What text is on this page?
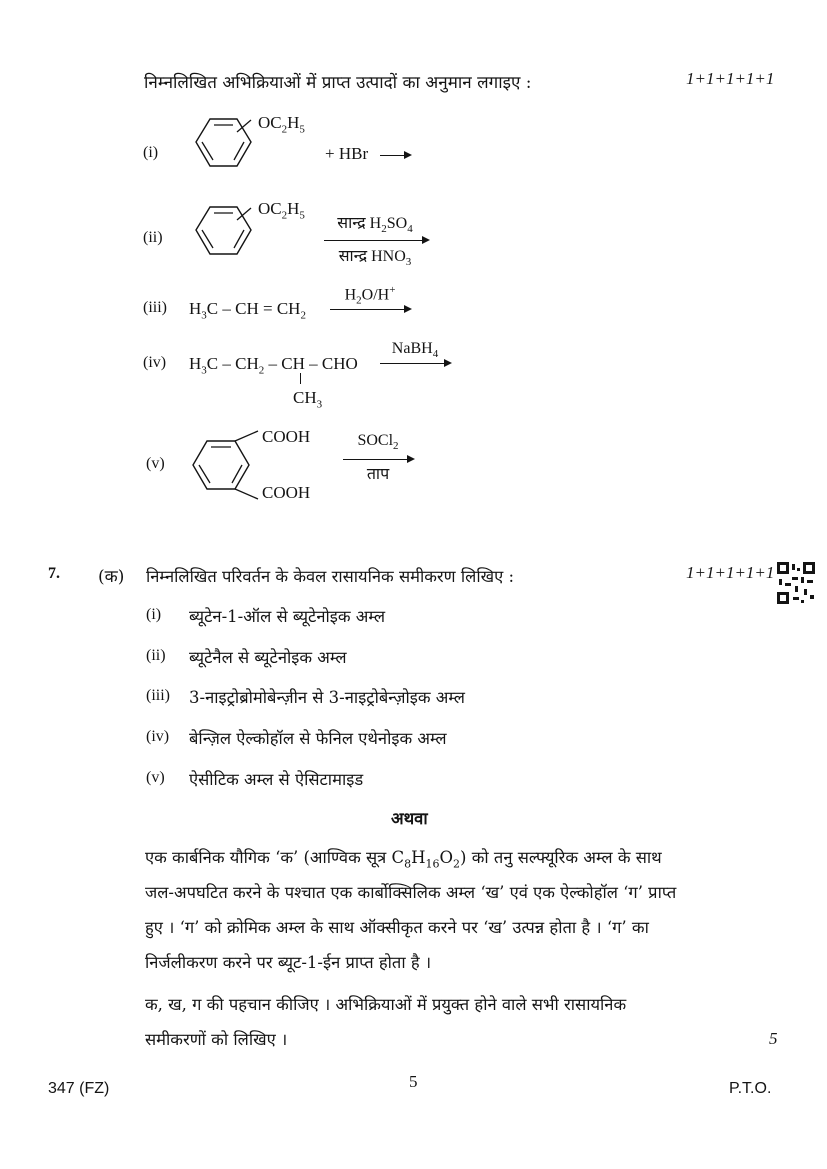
निम्नलिखित अभिक्रियाओं में प्राप्त उत्पादों का अनुमान लगाइए :	1+1+1+1+1
(i)
$OC_2H_5$
+ HBr
(ii)
$OC_2H_5$	सान्द्र $H_2SO_4$
सान्द्र $HNO_3$
(iii) $H_3C$ – CH = $CH_2$
$H_2O/H^+$
(iv) $H_3C - CH_2$ – CH – CHO
$CH_3$
NaBH$_4$
(v)
COOH
COOH
SOCl$_2$
ताप
7. (क) निम्नलिखित परिवर्तन के केवल रासायनिक समीकरण लिखिए :	1+1+1+1+1
(i) ब्यूटेन-1-ऑल से ब्यूटेनोइक अम्ल
(ii) ब्यूटेनैल से ब्यूटेनोइक अम्ल
(iii) 3-नाइट्रोब्रोमोबेन्ज़ीन से 3-नाइट्रोबेन्ज़ोइक अम्ल
(iv) बेन्ज़िल ऐल्कोहॉल से फेनिल एथेनोइक अम्ल
(v) ऐसीटिक अम्ल से ऐसिटामाइड
अथवा
एक कार्बनिक यौगिक ‘क’ (आण्विक सूत्र $C_8H_{16}O_2$) को तनु सल्फ्यूरिक अम्ल के साथ
जल-अपघटित करने के पश्चात एक कार्बोक्सिलिक अम्ल ‘ख’ एवं एक ऐल्कोहॉल ‘ग’ प्राप्त
हुए । ‘ग’ को क्रोमिक अम्ल के साथ ऑक्सीकृत करने पर ‘ख’ उत्पन्न होता है । ‘ग’ का
निर्जलीकरण करने पर ब्यूट-1-ईन प्राप्त होता है ।
क, ख, ग की पहचान कीजिए । अभिक्रियाओं में प्रयुक्त होने वाले सभी रासायनिक
समीकरणों को लिखिए ।	5
347 (FZ)	5	P.T.O.
